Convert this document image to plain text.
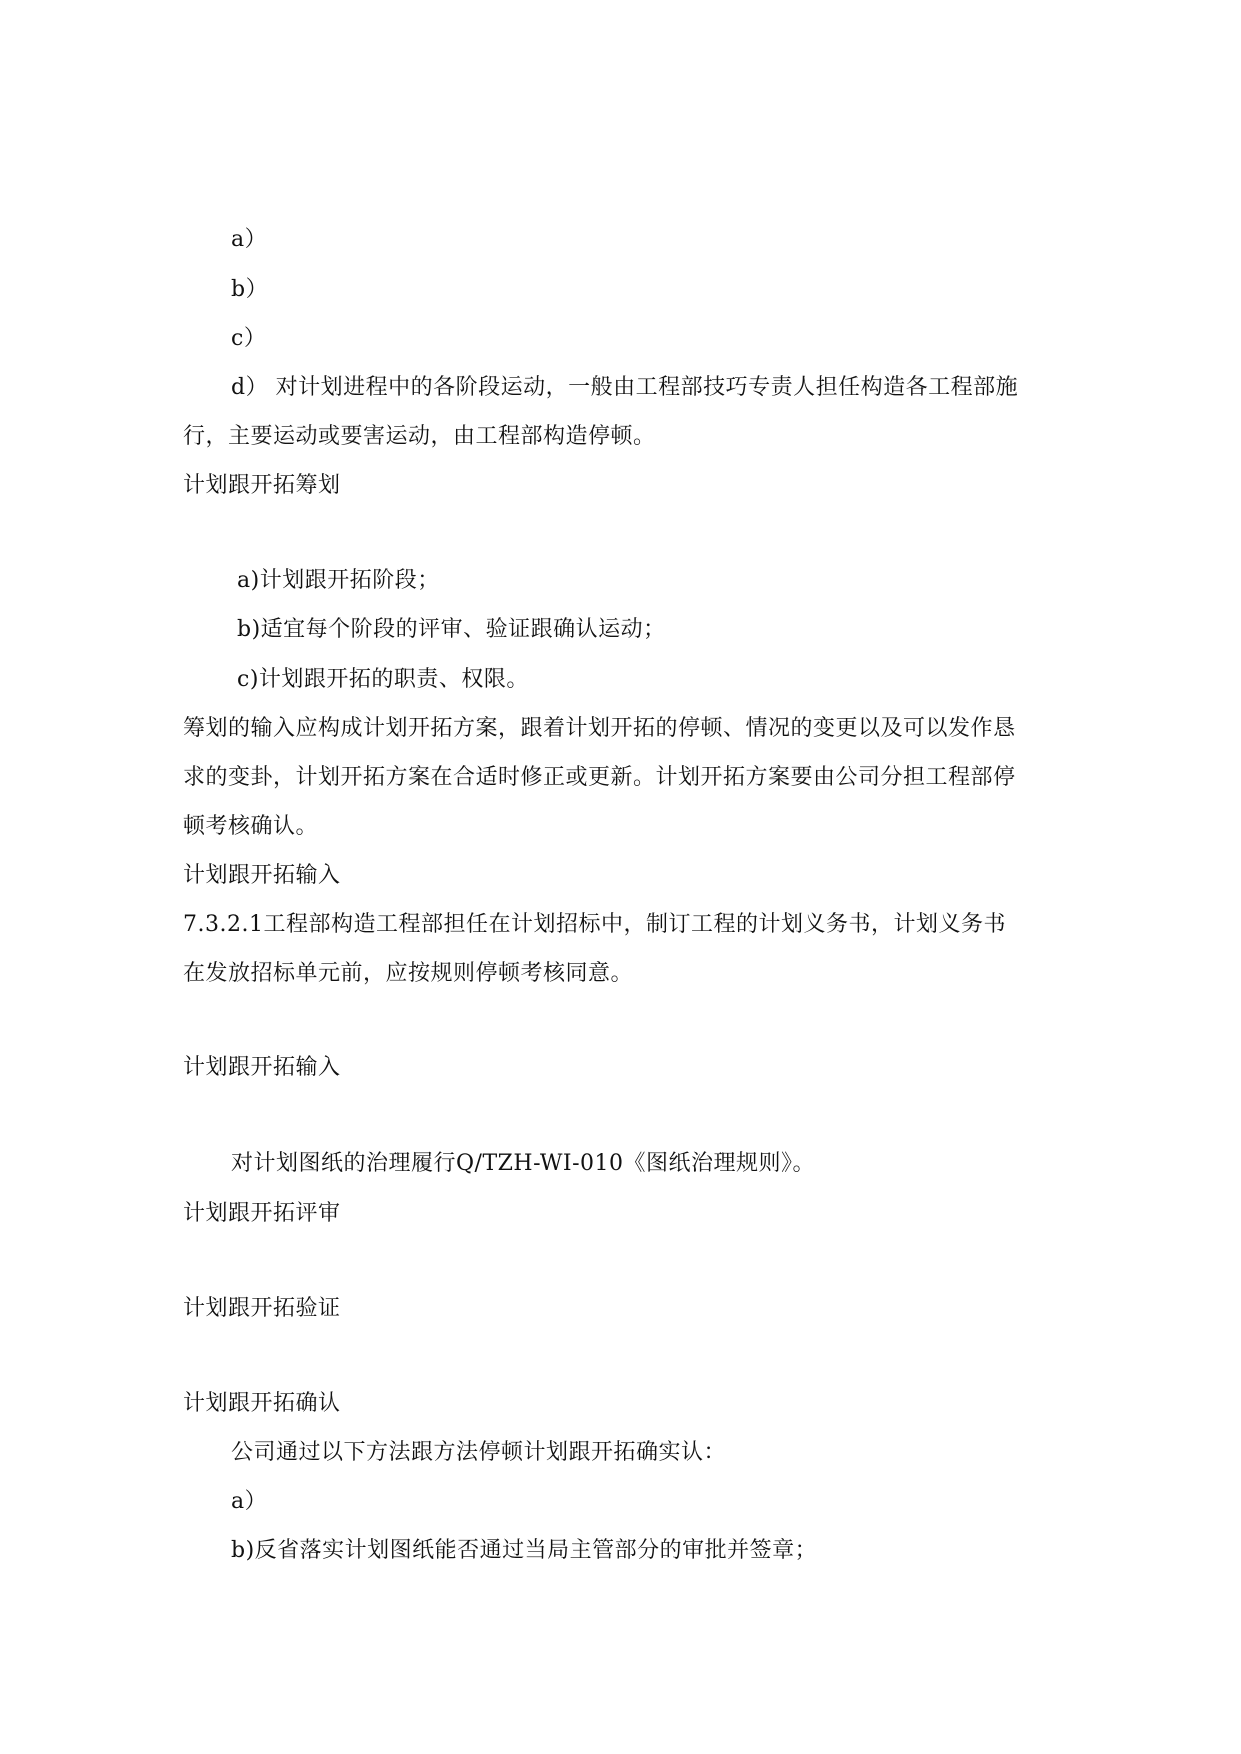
a）
b）
c）
d） 对计划进程中的各阶段运动，一般由工程部技巧专责人担任构造各工程部施
行，主要运动或要害运动，由工程部构造停顿。
计划跟开拓筹划
a)计划跟开拓阶段；
b)适宜每个阶段的评审、验证跟确认运动；
c)计划跟开拓的职责、权限。
筹划的输入应构成计划开拓方案，跟着计划开拓的停顿、情况的变更以及可以发作恳
求的变卦，计划开拓方案在合适时修正或更新。计划开拓方案要由公司分担工程部停
顿考核确认。
计划跟开拓输入
7.3.2.1工程部构造工程部担任在计划招标中，制订工程的计划义务书，计划义务书
在发放招标单元前，应按规则停顿考核同意。
计划跟开拓输入
对计划图纸的治理履行Q/TZH-WI-010《图纸治理规则》。
计划跟开拓评审
计划跟开拓验证
计划跟开拓确认
公司通过以下方法跟方法停顿计划跟开拓确实认：
a）
b)反省落实计划图纸能否通过当局主管部分的审批并签章；
